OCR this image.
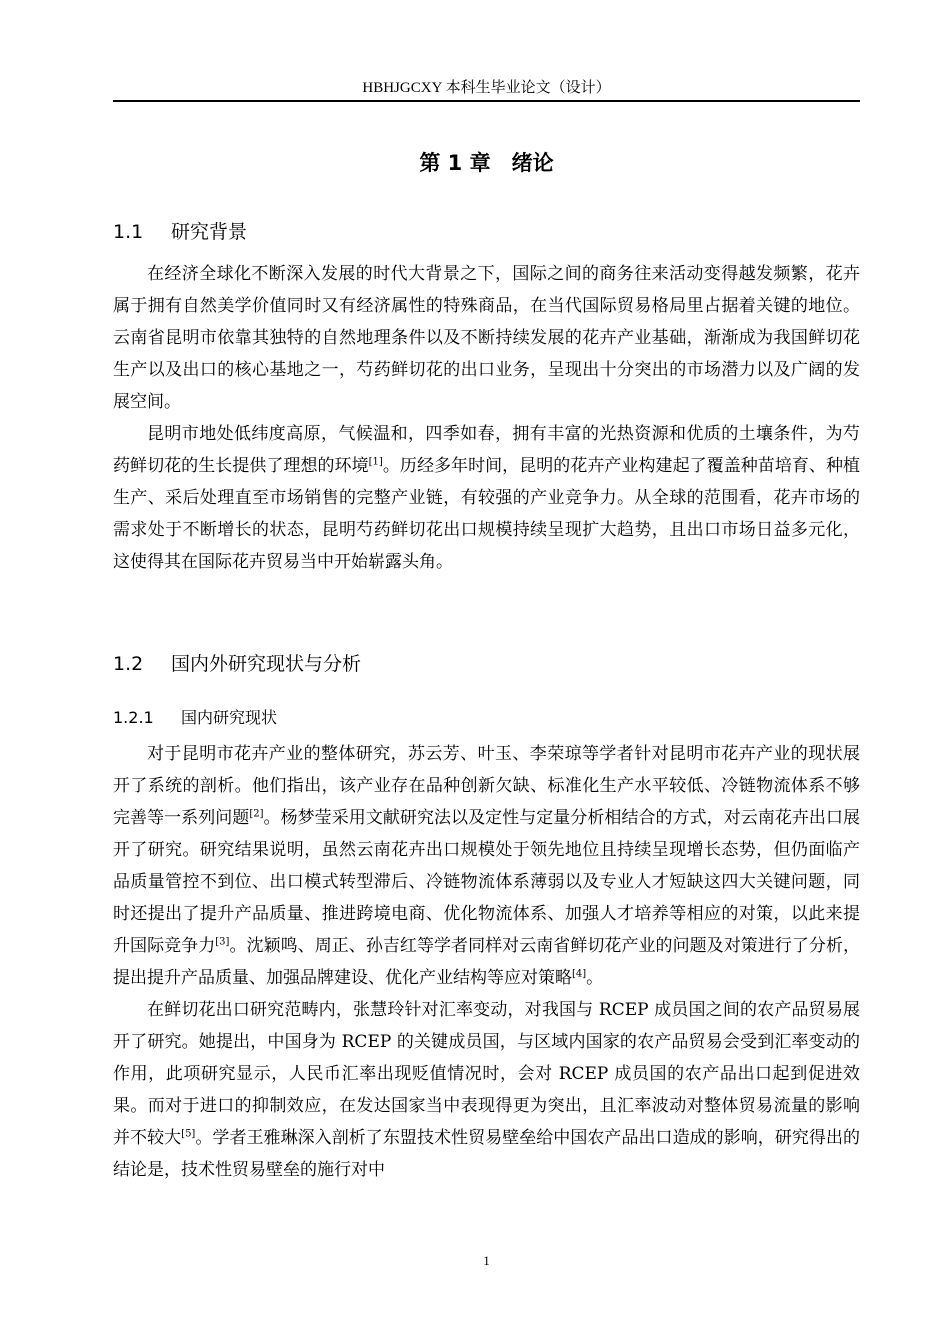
HBHJGCXY 本科生毕业论文（设计）
第 1 章　绪论
1.1 研究背景

在经济全球化不断深入发展的时代大背景之下，国际之间的商务往来活动变得越发频繁，花卉属于拥有自然美学价值同时又有经济属性的特殊商品，在当代国际贸易格局里占据着关键的地位。云南省昆明市依靠其独特的自然地理条件以及不断持续发展的花卉产业基础，渐渐成为我国鲜切花生产以及出口的核心基地之一，芍药鲜切花的出口业务，呈现出十分突出的市场潜力以及广阔的发展空间。

昆明市地处低纬度高原，气候温和，四季如春，拥有丰富的光热资源和优质的土壤条件，为芍药鲜切花的生长提供了理想的环境[1]。历经多年时间，昆明的花卉产业构建起了覆盖种苗培育、种植生产、采后处理直至市场销售的完整产业链，有较强的产业竞争力。从全球的范围看，花卉市场的需求处于不断增长的状态，昆明芍药鲜切花出口规模持续呈现扩大趋势，且出口市场日益多元化，这使得其在国际花卉贸易当中开始崭露头角。

1.2 国内外研究现状与分析
1.2.1 国内研究现状

对于昆明市花卉产业的整体研究，苏云芳、叶玉、李荣琼等学者针对昆明市花卉产业的现状展开了系统的剖析。他们指出，该产业存在品种创新欠缺、标准化生产水平较低、冷链物流体系不够完善等一系列问题[2]。杨梦莹采用文献研究法以及定性与定量分析相结合的方式，对云南花卉出口展开了研究。研究结果说明，虽然云南花卉出口规模处于领先地位且持续呈现增长态势，但仍面临产品质量管控不到位、出口模式转型滞后、冷链物流体系薄弱以及专业人才短缺这四大关键问题，同时还提出了提升产品质量、推进跨境电商、优化物流体系、加强人才培养等相应的对策，以此来提升国际竞争力[3]。沈颖鸣、周正、孙吉红等学者同样对云南省鲜切花产业的问题及对策进行了分析，提出提升产品质量、加强品牌建设、优化产业结构等应对策略[4]。

在鲜切花出口研究范畴内，张慧玲针对汇率变动，对我国与 RCEP 成员国之间的农产品贸易展开了研究。她提出，中国身为 RCEP 的关键成员国，与区域内国家的农产品贸易会受到汇率变动的作用，此项研究显示，人民币汇率出现贬值情况时，会对 RCEP 成员国的农产品出口起到促进效果。而对于进口的抑制效应，在发达国家当中表现得更为突出，且汇率波动对整体贸易流量的影响并不较大[5]。学者王雅琳深入剖析了东盟技术性贸易壁垒给中国农产品出口造成的影响，研究得出的结论是，技术性贸易壁垒的施行对中

1
